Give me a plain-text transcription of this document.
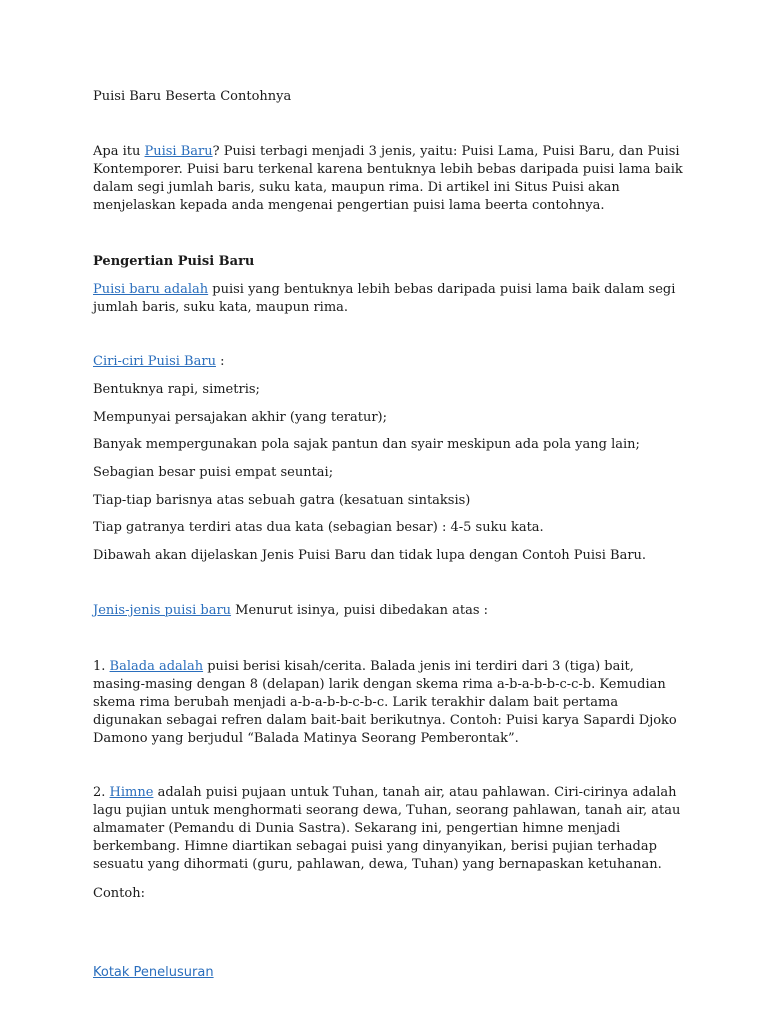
Puisi Baru Beserta Contohnya

Apa itu Puisi Baru? Puisi terbagi menjadi 3 jenis, yaitu: Puisi Lama, Puisi Baru, dan Puisi Kontemporer. Puisi baru terkenal karena bentuknya lebih bebas daripada puisi lama baik dalam segi jumlah baris, suku kata, maupun rima. Di artikel ini Situs Puisi akan menjelaskan kepada anda mengenai pengertian puisi lama beerta contohnya.

Pengertian Puisi Baru

Puisi baru adalah puisi yang bentuknya lebih bebas daripada puisi lama baik dalam segi jumlah baris, suku kata, maupun rima.

Ciri-ciri Puisi Baru :

Bentuknya rapi, simetris;

Mempunyai persajakan akhir (yang teratur);

Banyak mempergunakan pola sajak pantun dan syair meskipun ada pola yang lain;

Sebagian besar puisi empat seuntai;

Tiap-tiap barisnya atas sebuah gatra (kesatuan sintaksis)

Tiap gatranya terdiri atas dua kata (sebagian besar) : 4-5 suku kata.

Dibawah akan dijelaskan Jenis Puisi Baru dan tidak lupa dengan Contoh Puisi Baru.

Jenis-jenis puisi baru Menurut isinya, puisi dibedakan atas :

1. Balada adalah puisi berisi kisah/cerita. Balada jenis ini terdiri dari 3 (tiga) bait, masing-masing dengan 8 (delapan) larik dengan skema rima a-b-a-b-b-c-c-b. Kemudian skema rima berubah menjadi a-b-a-b-b-c-b-c. Larik terakhir dalam bait pertama digunakan sebagai refren dalam bait-bait berikutnya. Contoh: Puisi karya Sapardi Djoko Damono yang berjudul “Balada Matinya Seorang Pemberontak”.

2. Himne adalah puisi pujaan untuk Tuhan, tanah air, atau pahlawan. Ciri-cirinya adalah lagu pujian untuk menghormati seorang dewa, Tuhan, seorang pahlawan, tanah air, atau almamater (Pemandu di Dunia Sastra). Sekarang ini, pengertian himne menjadi berkembang. Himne diartikan sebagai puisi yang dinyanyikan, berisi pujian terhadap sesuatu yang dihormati (guru, pahlawan, dewa, Tuhan) yang bernapaskan ketuhanan.

Contoh:

Kotak Penelusuran
